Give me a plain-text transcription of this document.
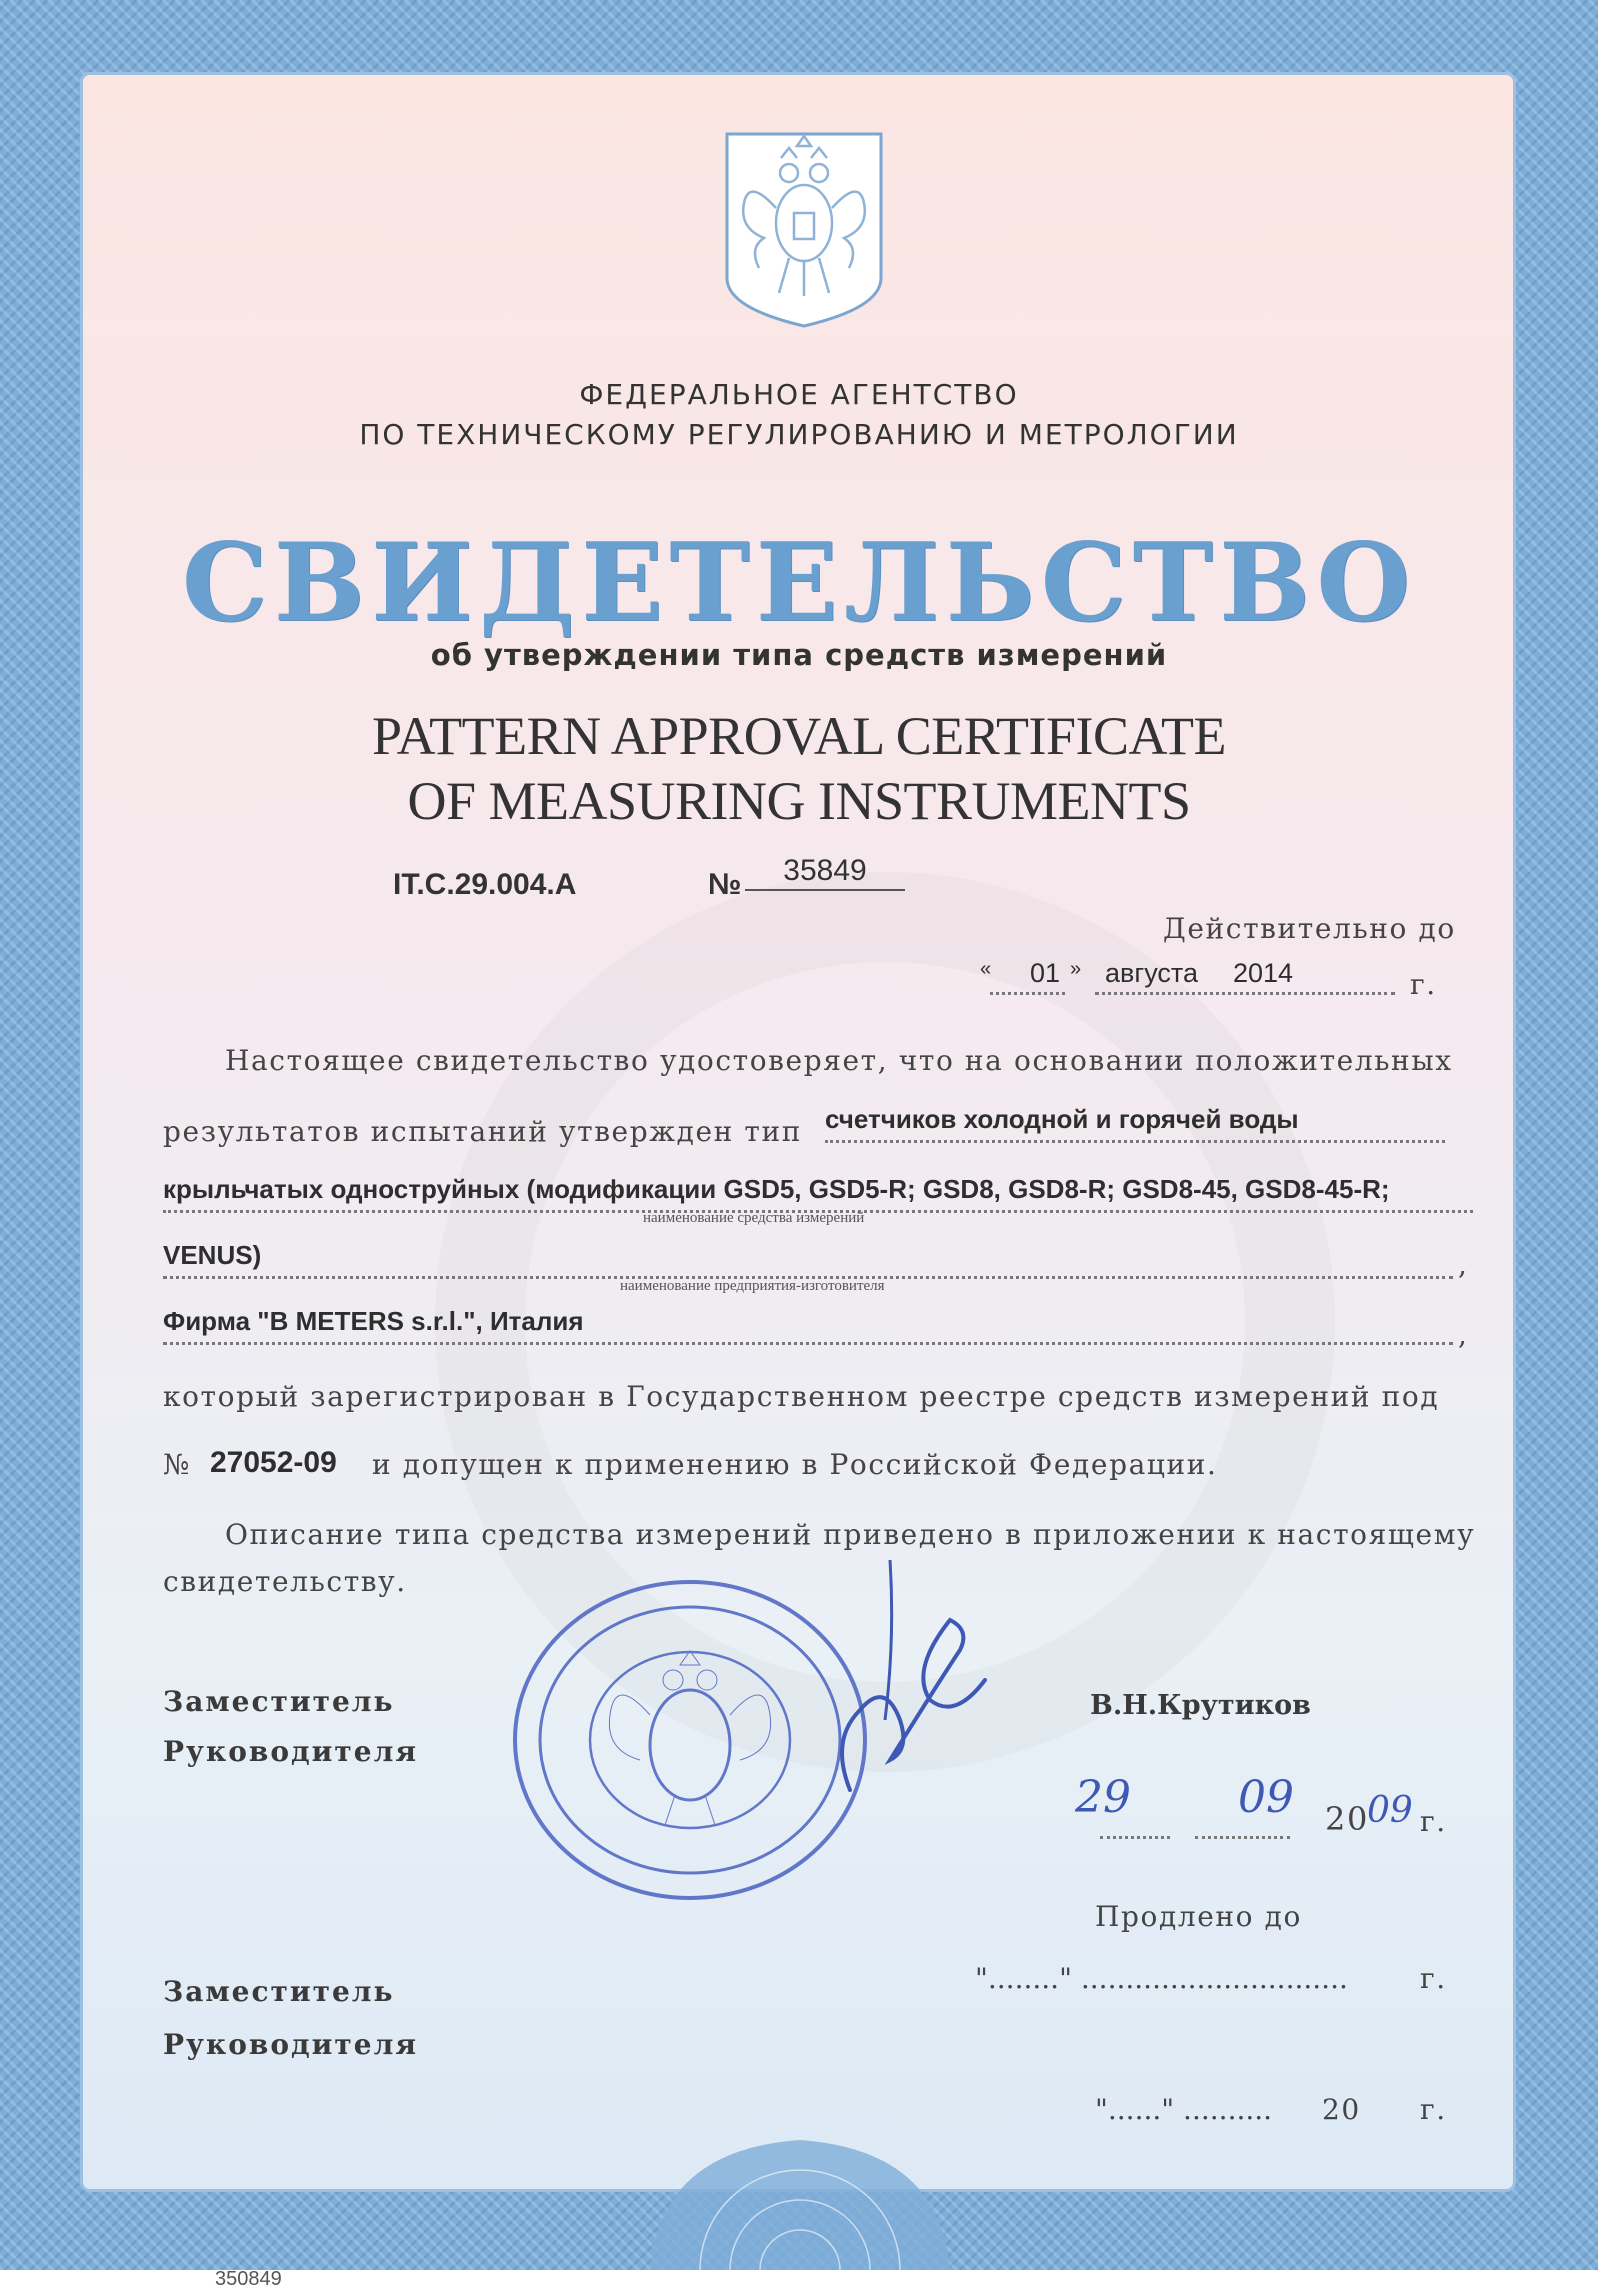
ФЕДЕРАЛЬНОЕ АГЕНТСТВО
ПО ТЕХНИЧЕСКОМУ РЕГУЛИРОВАНИЮ И МЕТРОЛОГИИ
СВИДЕТЕЛЬСТВО
об утверждении типа средств измерений
PATTERN APPROVAL CERTIFICATE
OF MEASURING INSTRUMENTS
IT.C.29.004.A	№	35849
Действительно до
« 01 » августа 2014	г.
Настоящее свидетельство удостоверяет, что на основании положительных
результатов испытаний утвержден тип счетчиков холодной и горячей воды
крыльчатых одноструйных (модификации GSD5, GSD5-R; GSD8, GSD8-R; GSD8-45, GSD8-45-R;
наименование средства измерений
VENUS)	,
наименование предприятия-изготовителя
Фирма "B METERS s.r.l.", Италия	,
который зарегистрирован в Государственном реестре средств измерений под
№ 27052-09 и допущен к применению в Российской Федерации.
Описание типа средства измерений приведено в приложении к настоящему
свидетельству.
Заместитель
Руководителя
В.Н.Крутиков
29 09 20
09 г.
Продлено до
"........" ..............................	г.
Заместитель
Руководителя
"......" .......... 20 г.
350849
